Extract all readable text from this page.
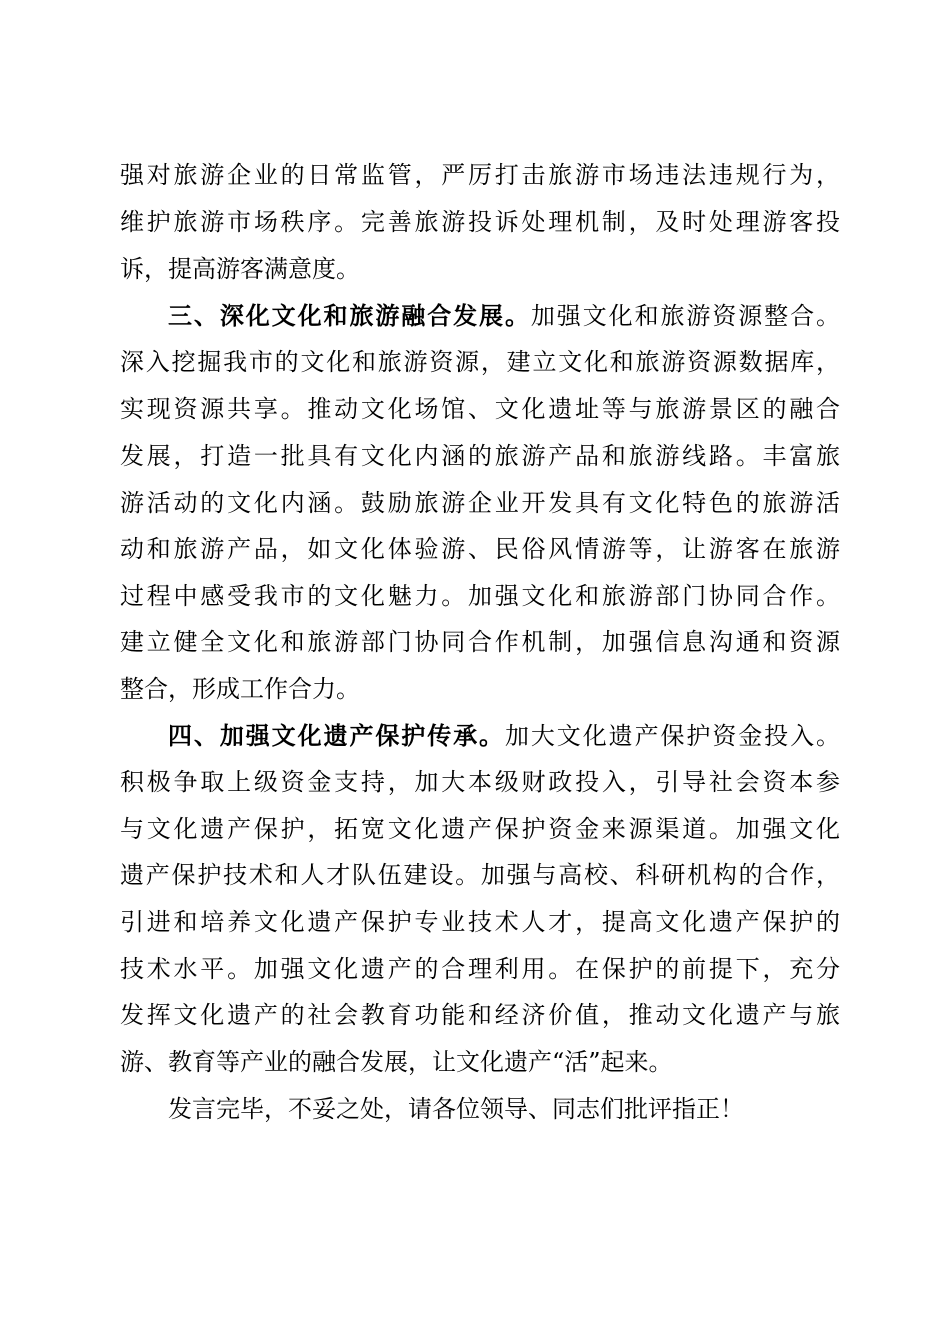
强对旅游企业的日常监管，严厉打击旅游市场违法违规行为，
维护旅游市场秩序。完善旅游投诉处理机制，及时处理游客投
诉，提高游客满意度。
三、深化文化和旅游融合发展。加强文化和旅游资源整合。
深入挖掘我市的文化和旅游资源，建立文化和旅游资源数据库，
实现资源共享。推动文化场馆、文化遗址等与旅游景区的融合
发展，打造一批具有文化内涵的旅游产品和旅游线路。丰富旅
游活动的文化内涵。鼓励旅游企业开发具有文化特色的旅游活
动和旅游产品，如文化体验游、民俗风情游等，让游客在旅游
过程中感受我市的文化魅力。加强文化和旅游部门协同合作。
建立健全文化和旅游部门协同合作机制，加强信息沟通和资源
整合，形成工作合力。
四、加强文化遗产保护传承。加大文化遗产保护资金投入。
积极争取上级资金支持，加大本级财政投入，引导社会资本参
与文化遗产保护，拓宽文化遗产保护资金来源渠道。加强文化
遗产保护技术和人才队伍建设。加强与高校、科研机构的合作，
引进和培养文化遗产保护专业技术人才，提高文化遗产保护的
技术水平。加强文化遗产的合理利用。在保护的前提下，充分
发挥文化遗产的社会教育功能和经济价值，推动文化遗产与旅
游、教育等产业的融合发展，让文化遗产“活”起来。
发言完毕，不妥之处，请各位领导、同志们批评指正！
